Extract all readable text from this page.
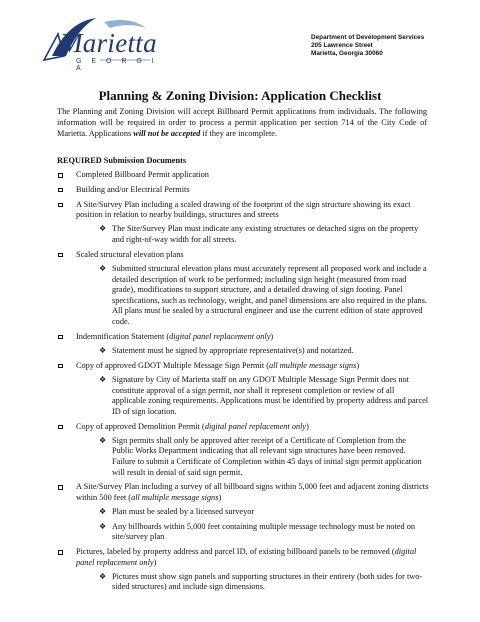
Marietta
G E O R G I A
Department of Development Services
205 Lawrence Street
Marietta, Georgia 30060
Planning & Zoning Division: Application Checklist
The Planning and Zoning Division will accept Billboard Permit applications from individuals. The following information will be required in order to process a permit application per section 714 of the City Code of Marietta. Applications will not be accepted if they are incomplete.
REQUIRED Submission Documents
Completed Billboard Permit application
Building and/or Electrical Permits
A Site/Survey Plan including a scaled drawing of the footprint of the sign structure showing its exact position in relation to nearby buildings, structures and streets
❖ The Site/Survey Plan must indicate any existing structures or detached signs on the property and right-of-way width for all streets.
Scaled structural elevation plans
❖ Submitted structural elevation plans must accurately represent all proposed work and include a detailed description of work to be performed; including sign height (measured from road grade), modifications to support structure, and a detailed drawing of sign footing. Panel specifications, such as technology, weight, and panel dimensions are also required in the plans. All plans must be sealed by a structural engineer and use the current edition of state approved code.
Indemnification Statement (digital panel replacement only)
❖ Statement must be signed by appropriate representative(s) and notarized.
Copy of approved GDOT Multiple Message Sign Permit (all multiple message signs)
❖ Signature by City of Marietta staff on any GDOT Multiple Message Sign Permit does not constitute approval of a sign permit, nor shall it represent completion or review of all applicable zoning requirements. Applications must be identified by property address and parcel ID of sign location.
Copy of approved Demolition Permit (digital panel replacement only)
❖ Sign permits shall only be approved after receipt of a Certificate of Completion from the Public Works Department indicating that all relevant sign structures have been removed. Failure to submit a Certificate of Completion within 45 days of initial sign permit application will result in denial of said sign permit.
A Site/Survey Plan including a survey of all billboard signs within 5,000 feet and adjacent zoning districts within 500 feet (all multiple message signs)
❖ Plan must be sealed by a licensed surveyor
❖ Any billboards within 5,000 feet containing multiple message technology must be noted on site/survey plan
Pictures, labeled by property address and parcel ID, of existing billboard panels to be removed (digital panel replacement only)
❖ Pictures must show sign panels and supporting structures in their entirety (both sides for two-sided structures) and include sign dimensions.
